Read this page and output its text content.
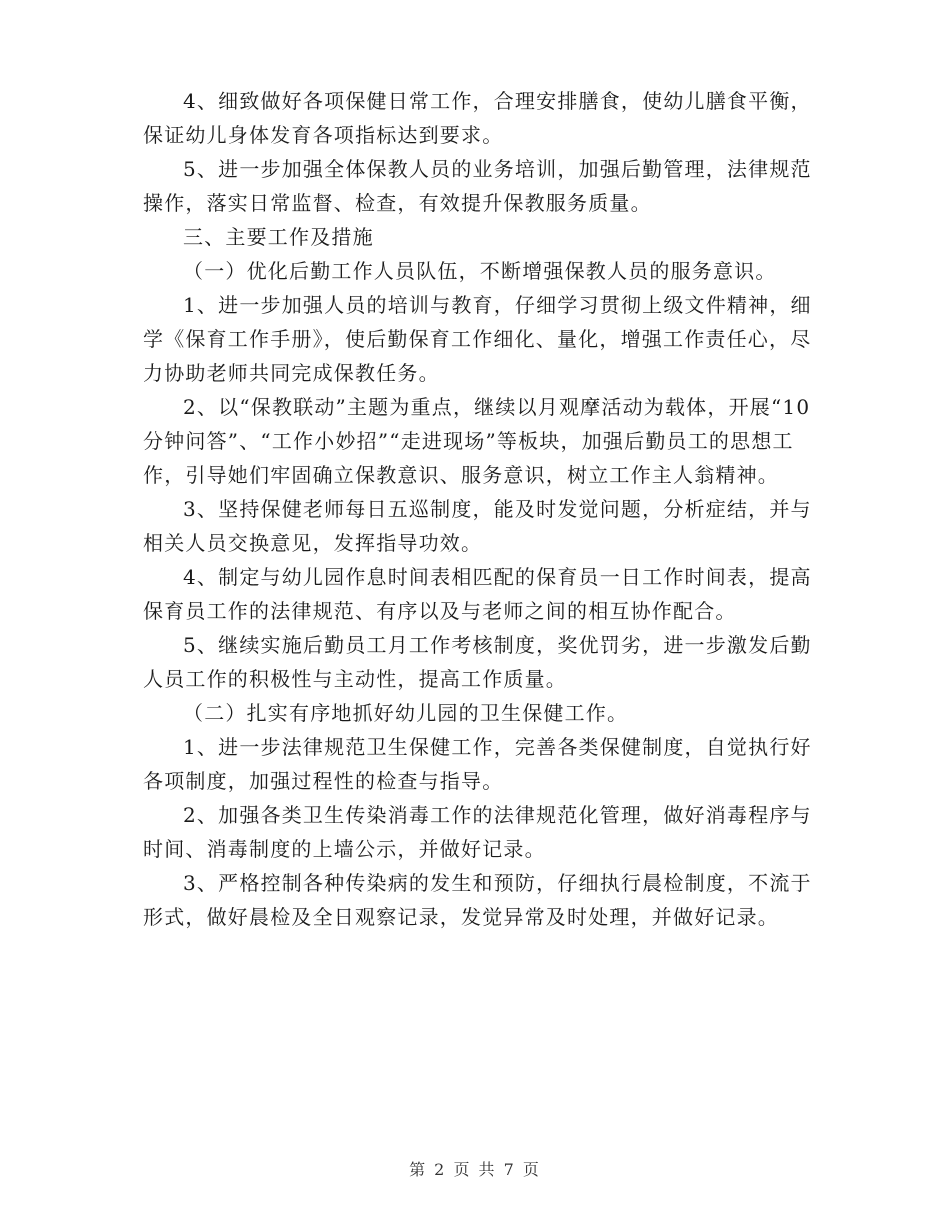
4、细致做好各项保健日常工作，合理安排膳食，使幼儿膳食平衡，保证幼儿身体发育各项指标达到要求。

5、进一步加强全体保教人员的业务培训，加强后勤管理，法律规范操作，落实日常监督、检查，有效提升保教服务质量。

三、主要工作及措施

（一）优化后勤工作人员队伍，不断增强保教人员的服务意识。

1、进一步加强人员的培训与教育，仔细学习贯彻上级文件精神，细学《保育工作手册》，使后勤保育工作细化、量化，增强工作责任心，尽力协助老师共同完成保教任务。

2、以“保教联动”主题为重点，继续以月观摩活动为载体，开展“10分钟问答”、“工作小妙招”“走进现场”等板块，加强后勤员工的思想工作，引导她们牢固确立保教意识、服务意识，树立工作主人翁精神。

3、坚持保健老师每日五巡制度，能及时发觉问题，分析症结，并与相关人员交换意见，发挥指导功效。

4、制定与幼儿园作息时间表相匹配的保育员一日工作时间表，提高保育员工作的法律规范、有序以及与老师之间的相互协作配合。

5、继续实施后勤员工月工作考核制度，奖优罚劣，进一步激发后勤人员工作的积极性与主动性，提高工作质量。

（二）扎实有序地抓好幼儿园的卫生保健工作。

1、进一步法律规范卫生保健工作，完善各类保健制度，自觉执行好各项制度，加强过程性的检查与指导。

2、加强各类卫生传染消毒工作的法律规范化管理，做好消毒程序与时间、消毒制度的上墙公示，并做好记录。

3、严格控制各种传染病的发生和预防，仔细执行晨检制度，不流于形式，做好晨检及全日观察记录，发觉异常及时处理，并做好记录。

第 2 页 共 7 页
